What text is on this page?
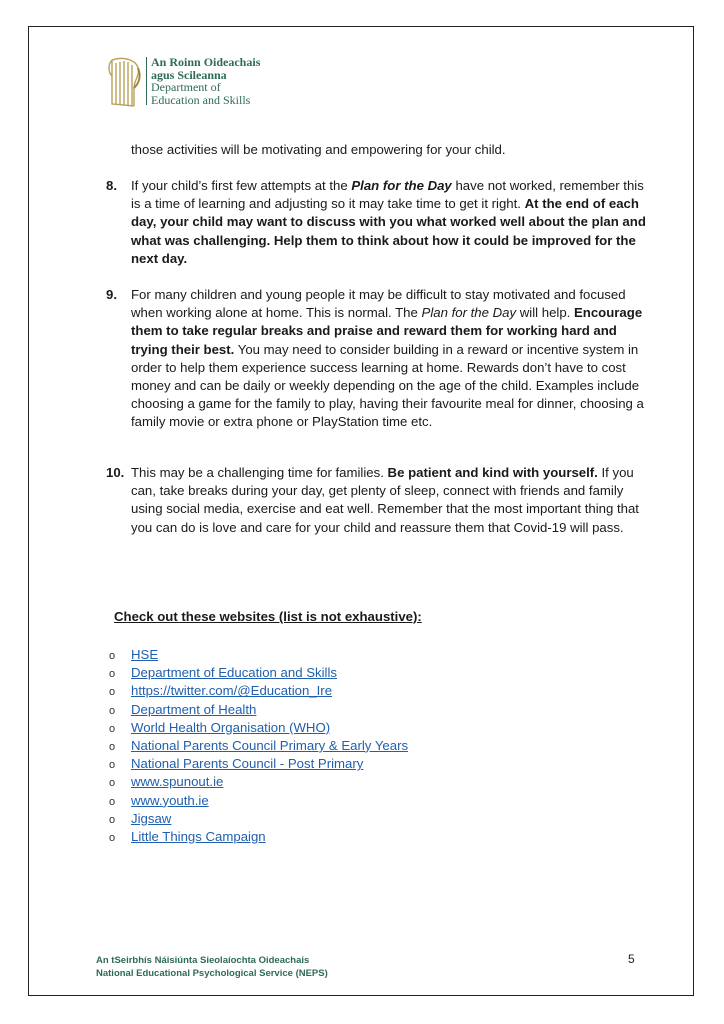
An Roinn Oideachais
agus Scileanna
Department of
Education and Skills
those activities will be motivating and empowering for your child.
8. If your child’s first few attempts at the Plan for the Day have not worked, remember this is a time of learning and adjusting so it may take time to get it right. At the end of each day, your child may want to discuss with you what worked well about the plan and what was challenging. Help them to think about how it could be improved for the next day.
9. For many children and young people it may be difficult to stay motivated and focused when working alone at home. This is normal. The Plan for the Day will help. Encourage them to take regular breaks and praise and reward them for working hard and trying their best. You may need to consider building in a reward or incentive system in order to help them experience success learning at home. Rewards don’t have to cost money and can be daily or weekly depending on the age of the child. Examples include choosing a game for the family to play, having their favourite meal for dinner, choosing a family movie or extra phone or PlayStation time etc.
10. This may be a challenging time for families. Be patient and kind with yourself. If you can, take breaks during your day, get plenty of sleep, connect with friends and family using social media, exercise and eat well. Remember that the most important thing that you can do is love and care for your child and reassure them that Covid-19 will pass.
Check out these websites (list is not exhaustive):
o HSE
o Department of Education and Skills
o https://twitter.com/@Education_Ire
o Department of Health
o World Health Organisation (WHO)
o National Parents Council Primary & Early Years
o National Parents Council - Post Primary
o www.spunout.ie
o www.youth.ie
o Jigsaw
o Little Things Campaign
An tSeirbhís Náisiúnta Sieolaíochta Oideachais
National Educational Psychological Service (NEPS)
5
